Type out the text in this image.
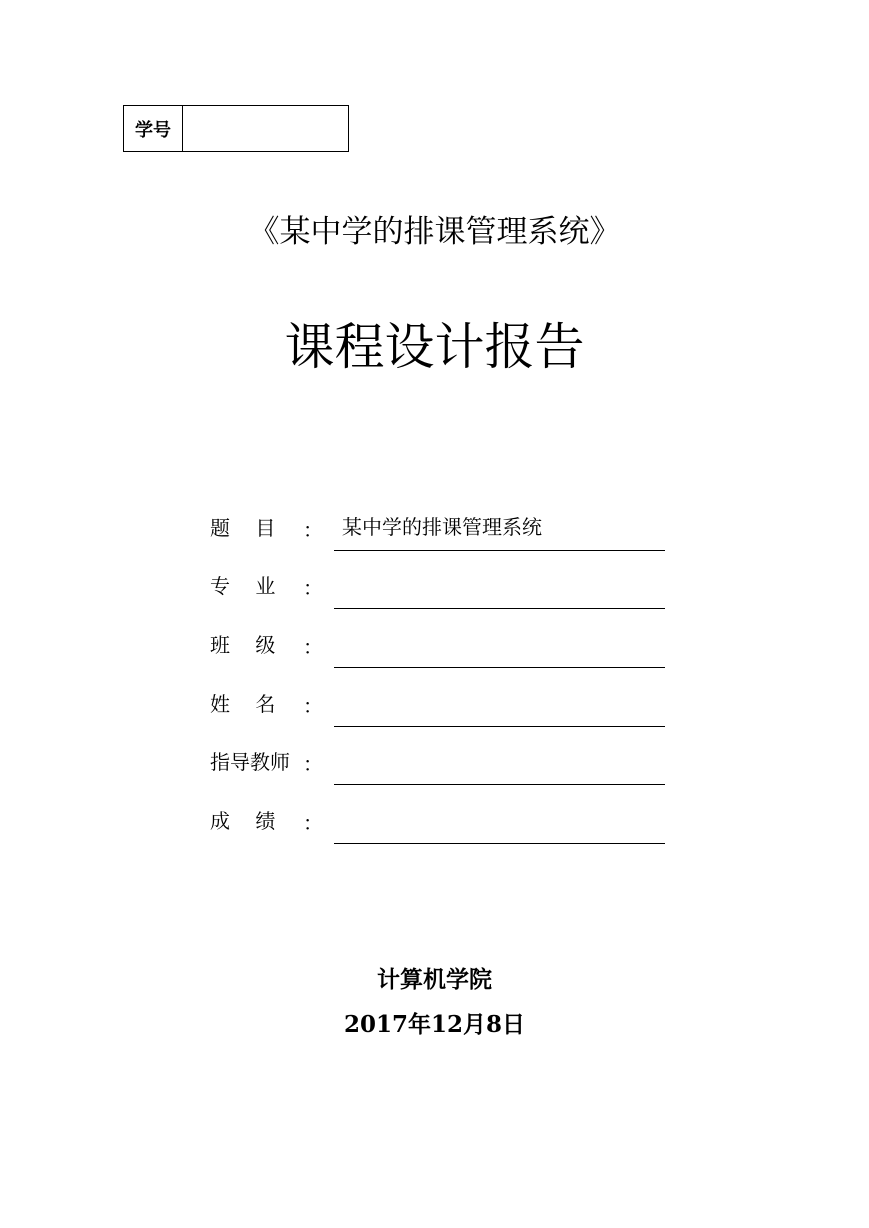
学号
《某中学的排课管理系统》
课程设计报告
题    目	： 某中学的排课管理系统
专    业	：
班    级	：
姓    名	：
指导教师 ：
成    绩	：
计算机学院
2017年12月8日
